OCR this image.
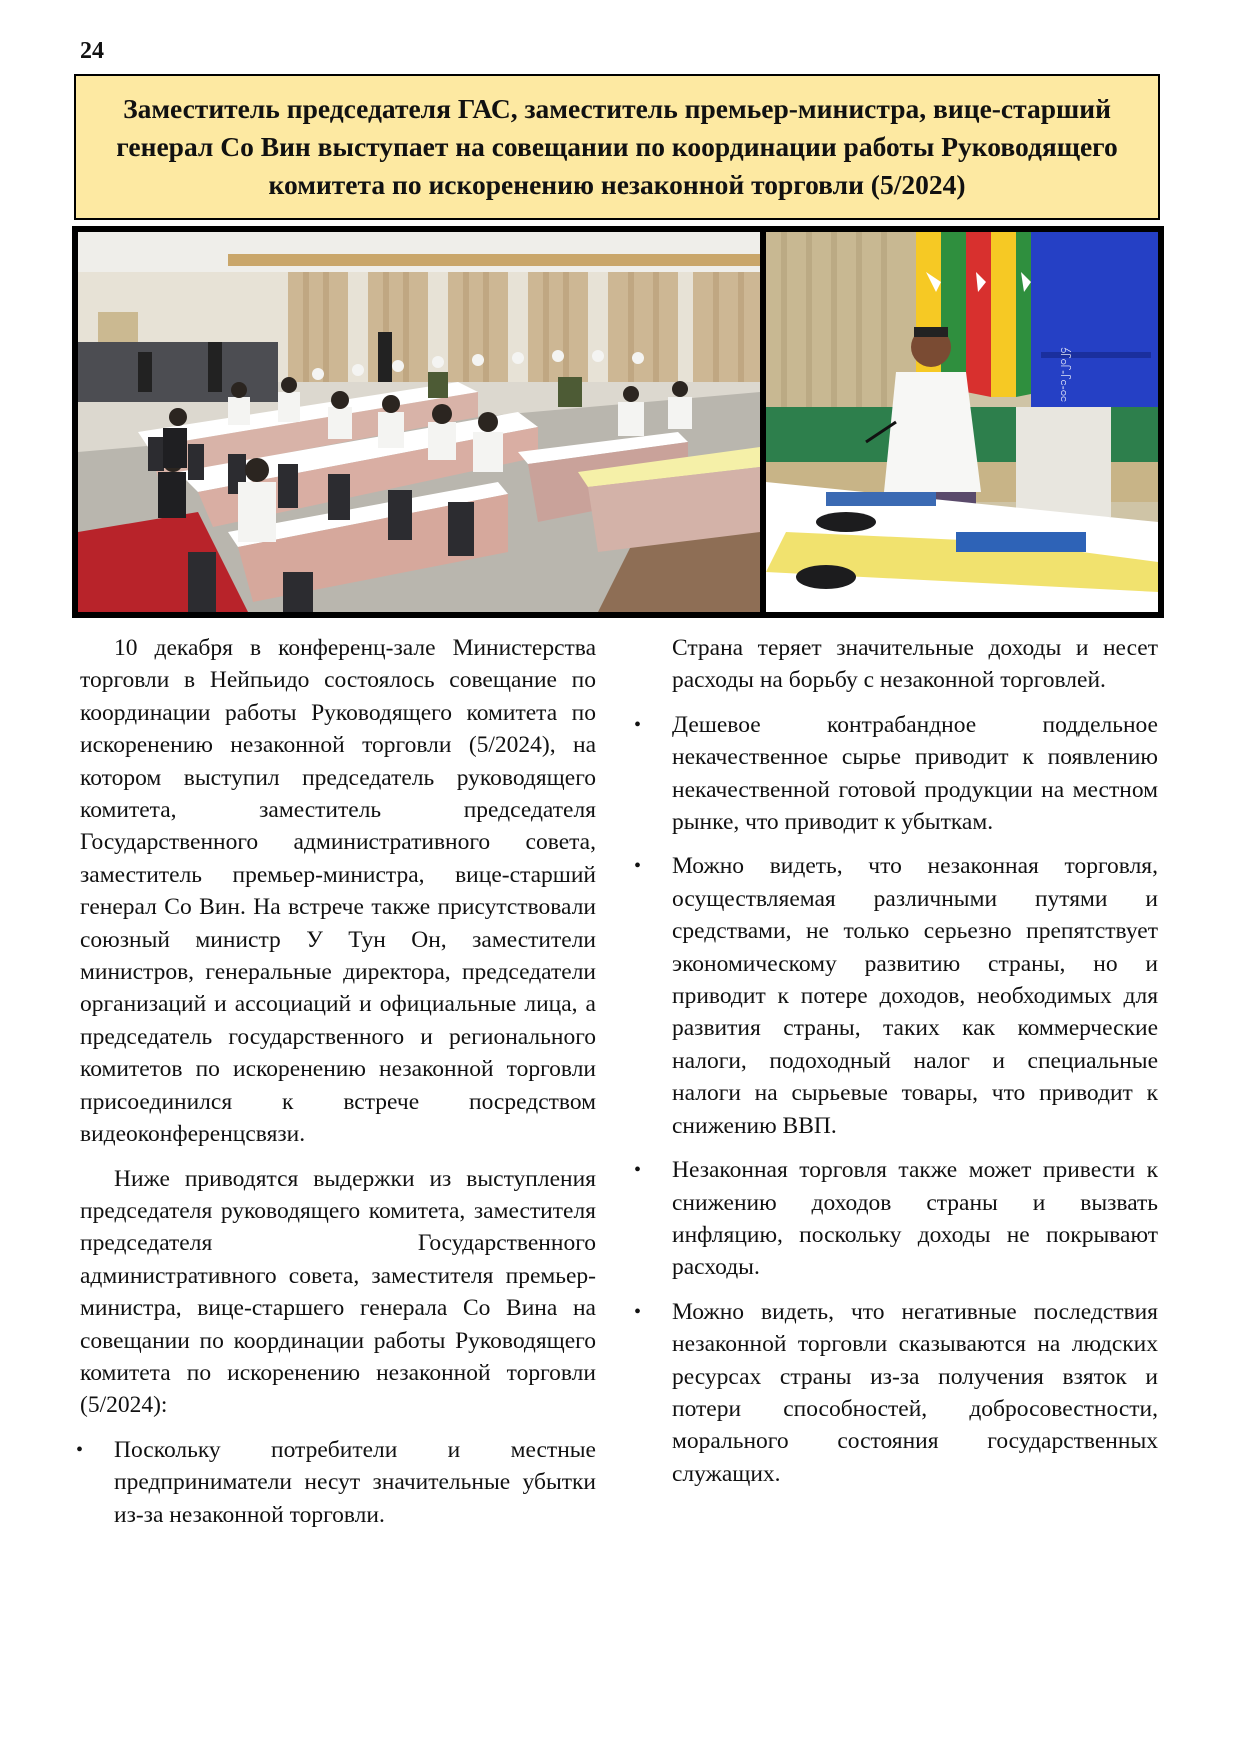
24
Заместитель председателя ГАС, заместитель премьер-министра, вице-старший генерал Со Вин выступает на совещании по координации работы Руководящего комитета по искоренению незаконной торговли (5/2024)
၁၀-၁၂-၂၀၂၄

10 декабря в конференц-зале Министерства торговли в Нейпьидо состоялось совещание по координации работы Руководящего комитета по искоренению незаконной торговли (5/2024), на котором выступил председатель руководящего комитета, заместитель председателя Государственного административного совета, заместитель премьер-министра, вице-старший генерал Со Вин. На встрече также присутствовали союзный министр У Тун Он, заместители министров, генеральные директора, председатели организаций и ассоциаций и официальные лица, а председатель государственного и регионального комитетов по искоренению незаконной торговли присоединился к встрече посредством видеоконференцсвязи.

Ниже приводятся выдержки из выступления председателя руководящего комитета, заместителя председателя Государственного административного совета, заместителя премьер-министра, вице-старшего генерала Со Вина на совещании по координации работы Руководящего комитета по искоренению незаконной торговли (5/2024):

• Поскольку потребители и местные предприниматели несут значительные убытки из-за незаконной торговли.

Страна теряет значительные доходы и несет расходы на борьбу с незаконной торговлей.

• Дешевое контрабандное поддельное некачественное сырье приводит к появлению некачественной готовой продукции на местном рынке, что приводит к убыткам.
• Можно видеть, что незаконная торговля, осуществляемая различными путями и средствами, не только серьезно препятствует экономическому развитию страны, но и приводит к потере доходов, необходимых для развития страны, таких как коммерческие налоги, подоходный налог и специальные налоги на сырьевые товары, что приводит к снижению ВВП.
• Незаконная торговля также может привести к снижению доходов страны и вызвать инфляцию, поскольку доходы не покрывают расходы.
• Можно видеть, что негативные последствия незаконной торговли сказываются на людских ресурсах страны из-за получения взяток и потери способностей, добросовестности, морального состояния государственных служащих.
